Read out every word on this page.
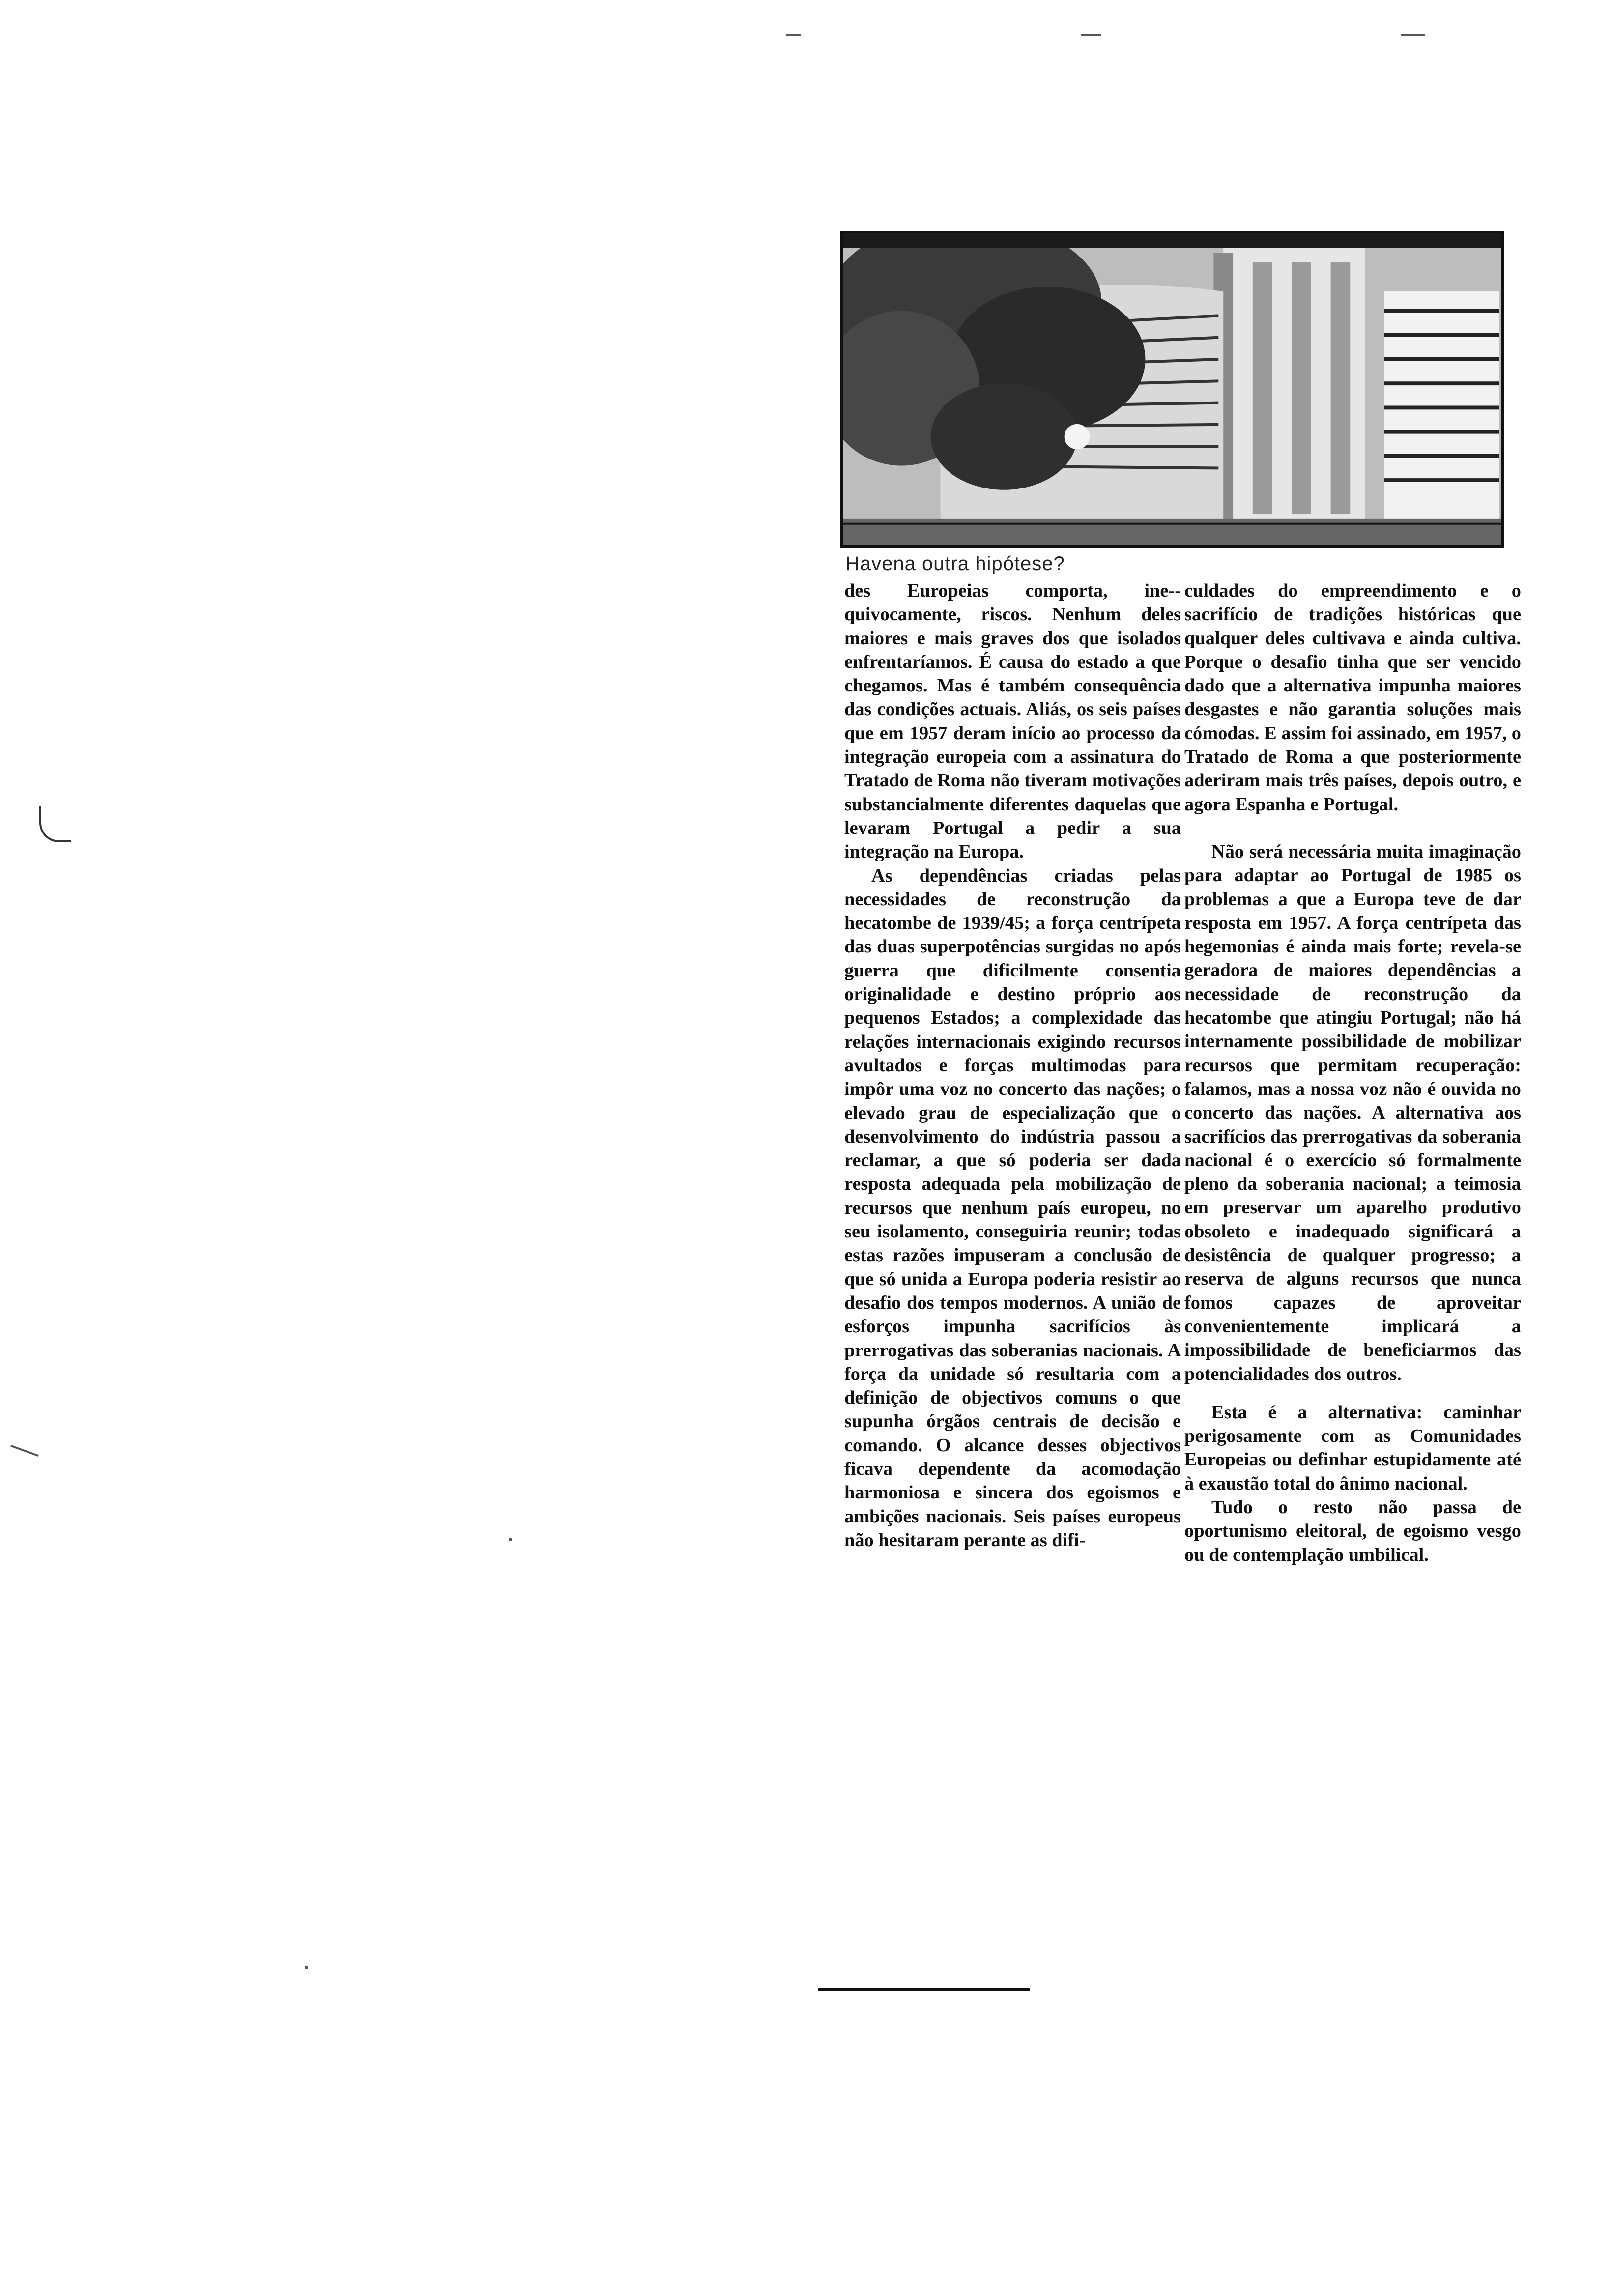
Havena outra hipótese?

des Europeias comporta, ine-quivocamente, riscos. Nenhum deles maiores e mais graves dos que isolados enfrentaríamos. É causa do estado a que chegamos. Mas é também consequência das condições actuais. Aliás, os seis países que em 1957 deram início ao processo da integração europeia com a assinatura do Tratado de Roma não tiveram motivações substancialmente diferentes daquelas que levaram Portugal a pedir a sua integração na Europa.

As dependências criadas pelas necessidades de reconstrução da hecatombe de 1939/45; a força centrípeta das duas superpotências surgidas no após guerra que dificilmente consentia originalidade e destino próprio aos pequenos Estados; a complexidade das relações internacionais exigindo recursos avultados e forças multimodas para impôr uma voz no concerto das nações; o elevado grau de especialização que o desenvolvimento do indústria passou a reclamar, a que só poderia ser dada resposta adequada pela mobilização de recursos que nenhum país europeu, no seu isolamento, conseguiria reunir; todas estas razões impuseram a conclusão de que só unida a Europa poderia resistir ao desafio dos tempos modernos. A união de esforços impunha sacrifícios às prerrogativas das soberanias nacionais. A força da unidade só resultaria com a definição de objectivos comuns o que supunha órgãos centrais de decisão e comando. O alcance desses objectivos ficava dependente da acomodação harmoniosa e sincera dos egoismos e ambições nacionais. Seis países europeus não hesitaram perante as difi-

culdades do empreendimento e o sacrifício de tradições históricas que qualquer deles cultivava e ainda cultiva. Porque o desafio tinha que ser vencido dado que a alternativa impunha maiores desgastes e não garantia soluções mais cómodas. E assim foi assinado, em 1957, o Tratado de Roma a que posteriormente aderiram mais três países, depois outro, e agora Espanha e Portugal.

Não será necessária muita imaginação para adaptar ao Portugal de 1985 os problemas a que a Europa teve de dar resposta em 1957. A força centrípeta das hegemonias é ainda mais forte; revela-se geradora de maiores dependências a necessidade de reconstrução da hecatombe que atingiu Portugal; não há internamente possibilidade de mobilizar recursos que permitam recuperação: falamos, mas a nossa voz não é ouvida no concerto das nações. A alternativa aos sacrifícios das prerrogativas da soberania nacional é o exercício só formalmente pleno da soberania nacional; a teimosia em preservar um aparelho produtivo obsoleto e inadequado significará a desistência de qualquer progresso; a reserva de alguns recursos que nunca fomos capazes de aproveitar convenientemente implicará a impossibilidade de beneficiarmos das potencialidades dos outros.

Esta é a alternativa: caminhar perigosamente com as Comunidades Europeias ou definhar estupidamente até à exaustão total do ânimo nacional.

Tudo o resto não passa de oportunismo eleitoral, de egoismo vesgo ou de contemplação umbilical.
